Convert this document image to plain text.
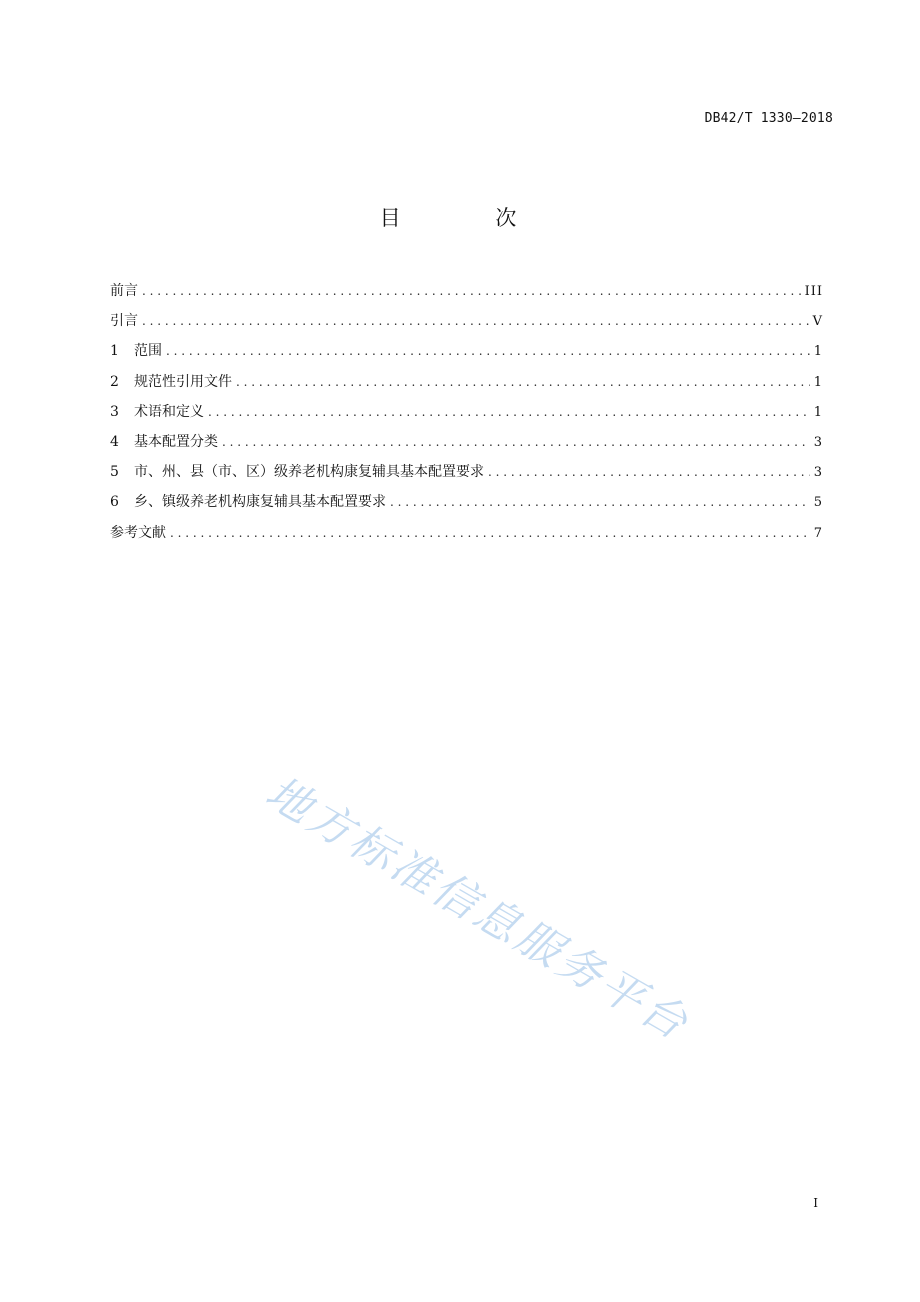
DB42/T 1330—2018
目 次
前言 . . .	III
引言 . . .	V
1	范围 . . .	1
2	规范性引用文件 . . .	1
3	术语和定义 . . .	1
4	基本配置分类 . . .	3
5	市、州、县（市、区）级养老机构康复辅具基本配置要求 . . .	3
6	乡、镇级养老机构康复辅具基本配置要求 . . .	5
参考文献 . . .	7
地方标准信息服务平台
I
